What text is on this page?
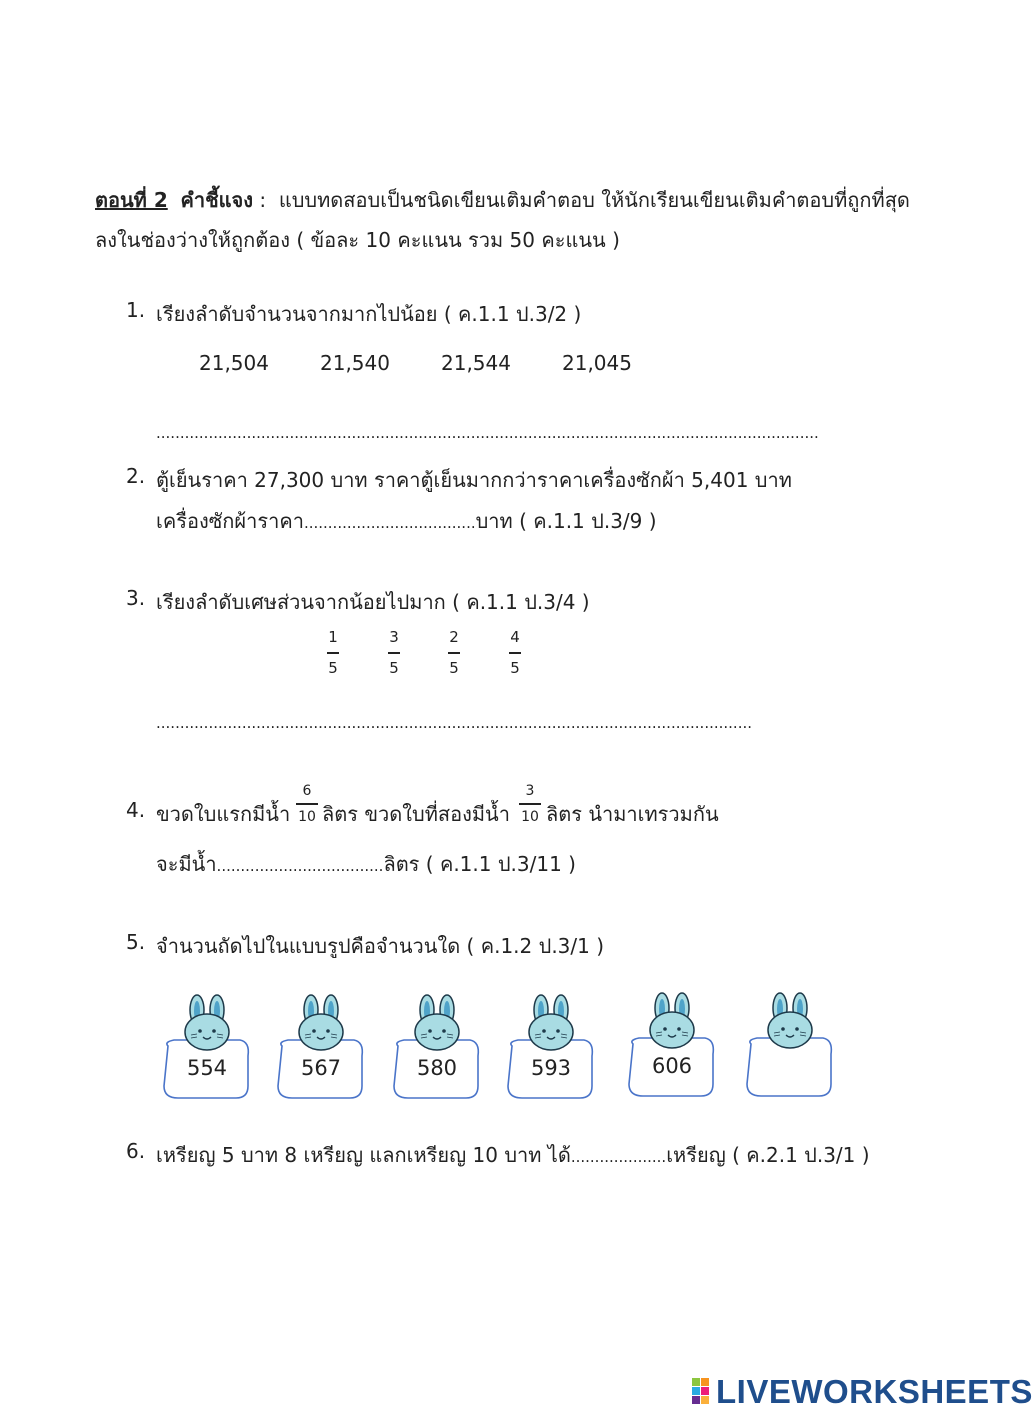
ตอนที่ 2 คำชี้แจง : แบบทดสอบเป็นชนิดเขียนเติมคำตอบ ให้นักเรียนเขียนเติมคำตอบที่ถูกที่สุด
ลงในช่องว่างให้ถูกต้อง ( ข้อละ 10 คะแนน รวม 50 คะแนน )
1. เรียงลำดับจำนวนจากมากไปน้อย ( ค.1.1 ป.3/2 )
21,504	21,540	21,544	21,045
...........................................................................................................................................
2. ตู้เย็นราคา 27,300 บาท ราคาตู้เย็นมากกว่าราคาเครื่องซักผ้า 5,401 บาท
เครื่องซักผ้าราคา....................................บาท ( ค.1.1 ป.3/9 )
3. เรียงลำดับเศษส่วนจากน้อยไปมาก ( ค.1.1 ป.3/4 )
1
5
3
5
2
5
4
5
.............................................................................................................................
4. ขวดใบแรกมีน้ำ
6
10 ลิตร ขวดใบที่สองมีน้ำ
3
10 ลิตร นำมาเทรวมกัน
จะมีน้ำ...................................ลิตร ( ค.1.1 ป.3/11 )
5. จำนวนถัดไปในแบบรูปคือจำนวนใด ( ค.1.2 ป.3/1 )
554	567	580	593	606
6. เหรียญ 5 บาท 8 เหรียญ แลกเหรียญ 10 บาท ได้....................เหรียญ ( ค.2.1 ป.3/1 )
LIVEWORKSHEETS
